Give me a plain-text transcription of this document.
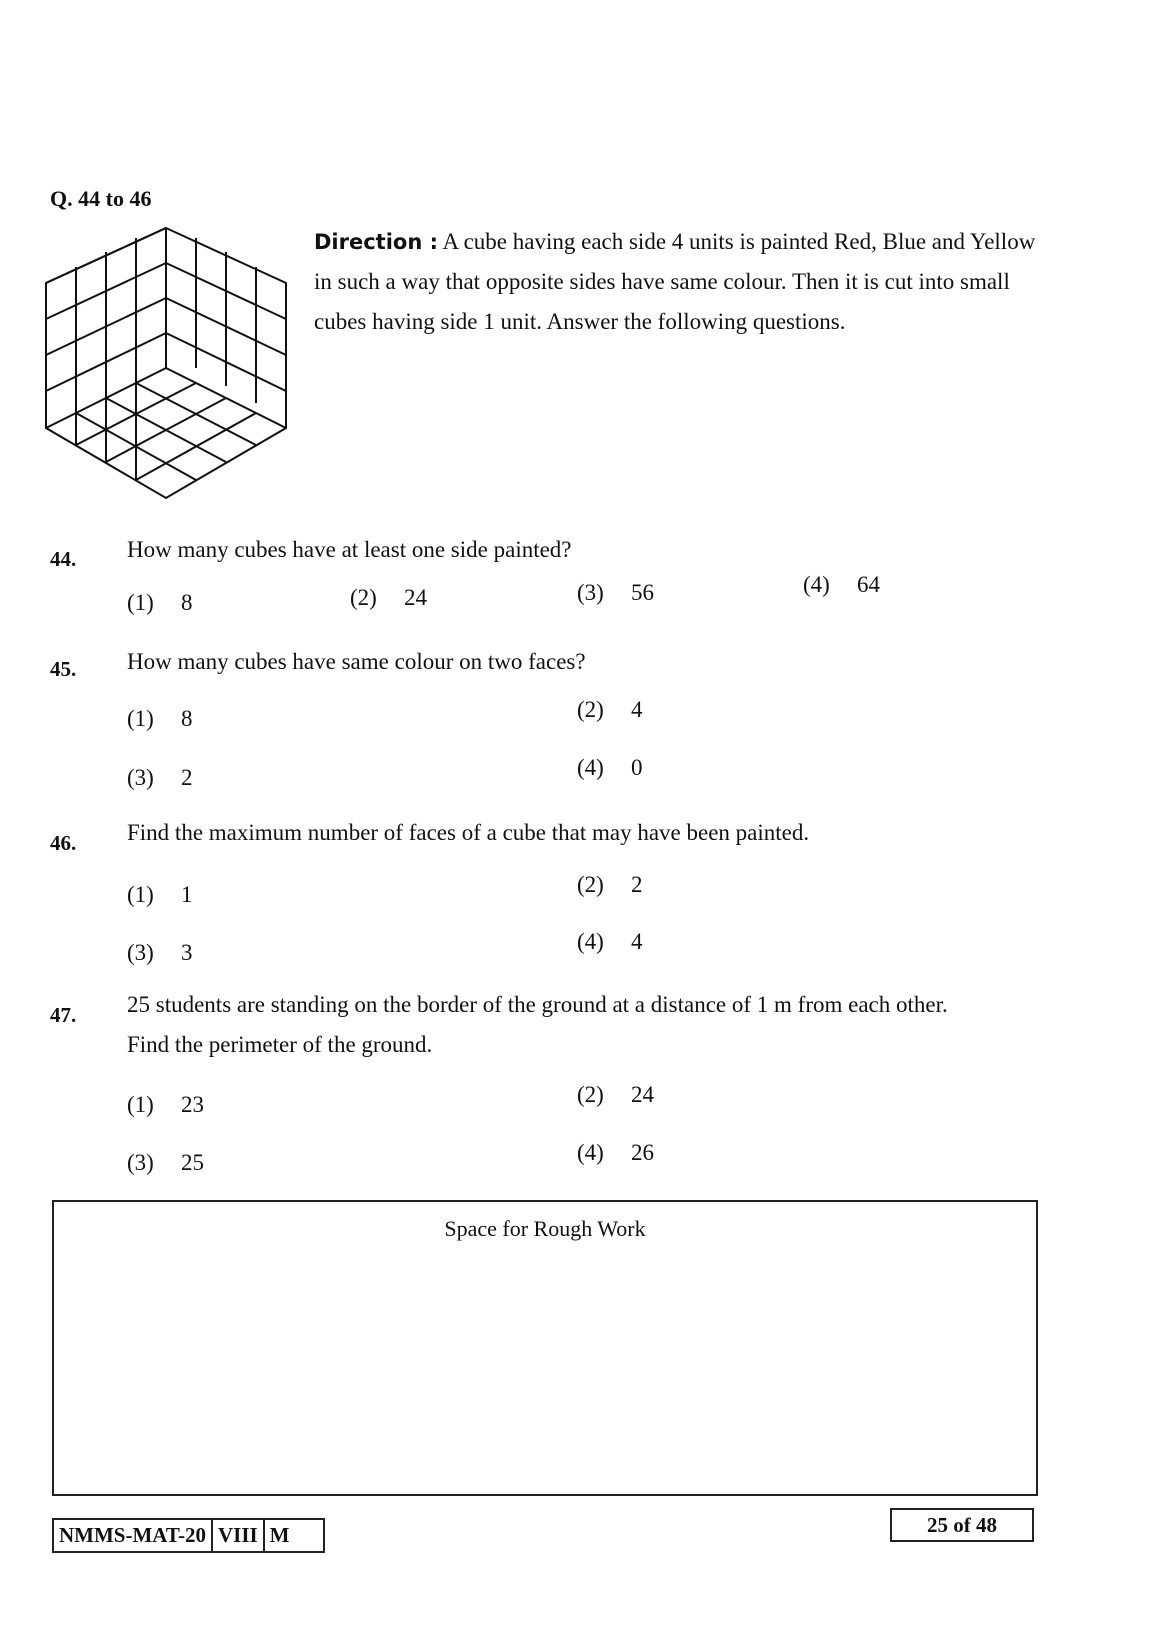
Q. 44 to 46
Direction : A cube having each side 4 units is painted Red, Blue and Yellow in such a way that opposite sides have same colour. Then it is cut into small cubes having side 1 unit. Answer the following questions.
44. How many cubes have at least one side painted?
(1) 8	(2) 24	(3) 56	(4) 64
45. How many cubes have same colour on two faces?
(1) 8	(2) 4
(3) 2	(4) 0
46. Find the maximum number of faces of a cube that may have been painted.
(1) 1	(2) 2
(3) 3	(4) 4
47. 25 students are standing on the border of the ground at a distance of 1 m from each other.
Find the perimeter of the ground.
(1) 23	(2) 24
(3) 25	(4) 26
Space for Rough Work
NMMS-MAT-20 VIII M	25 of 48
